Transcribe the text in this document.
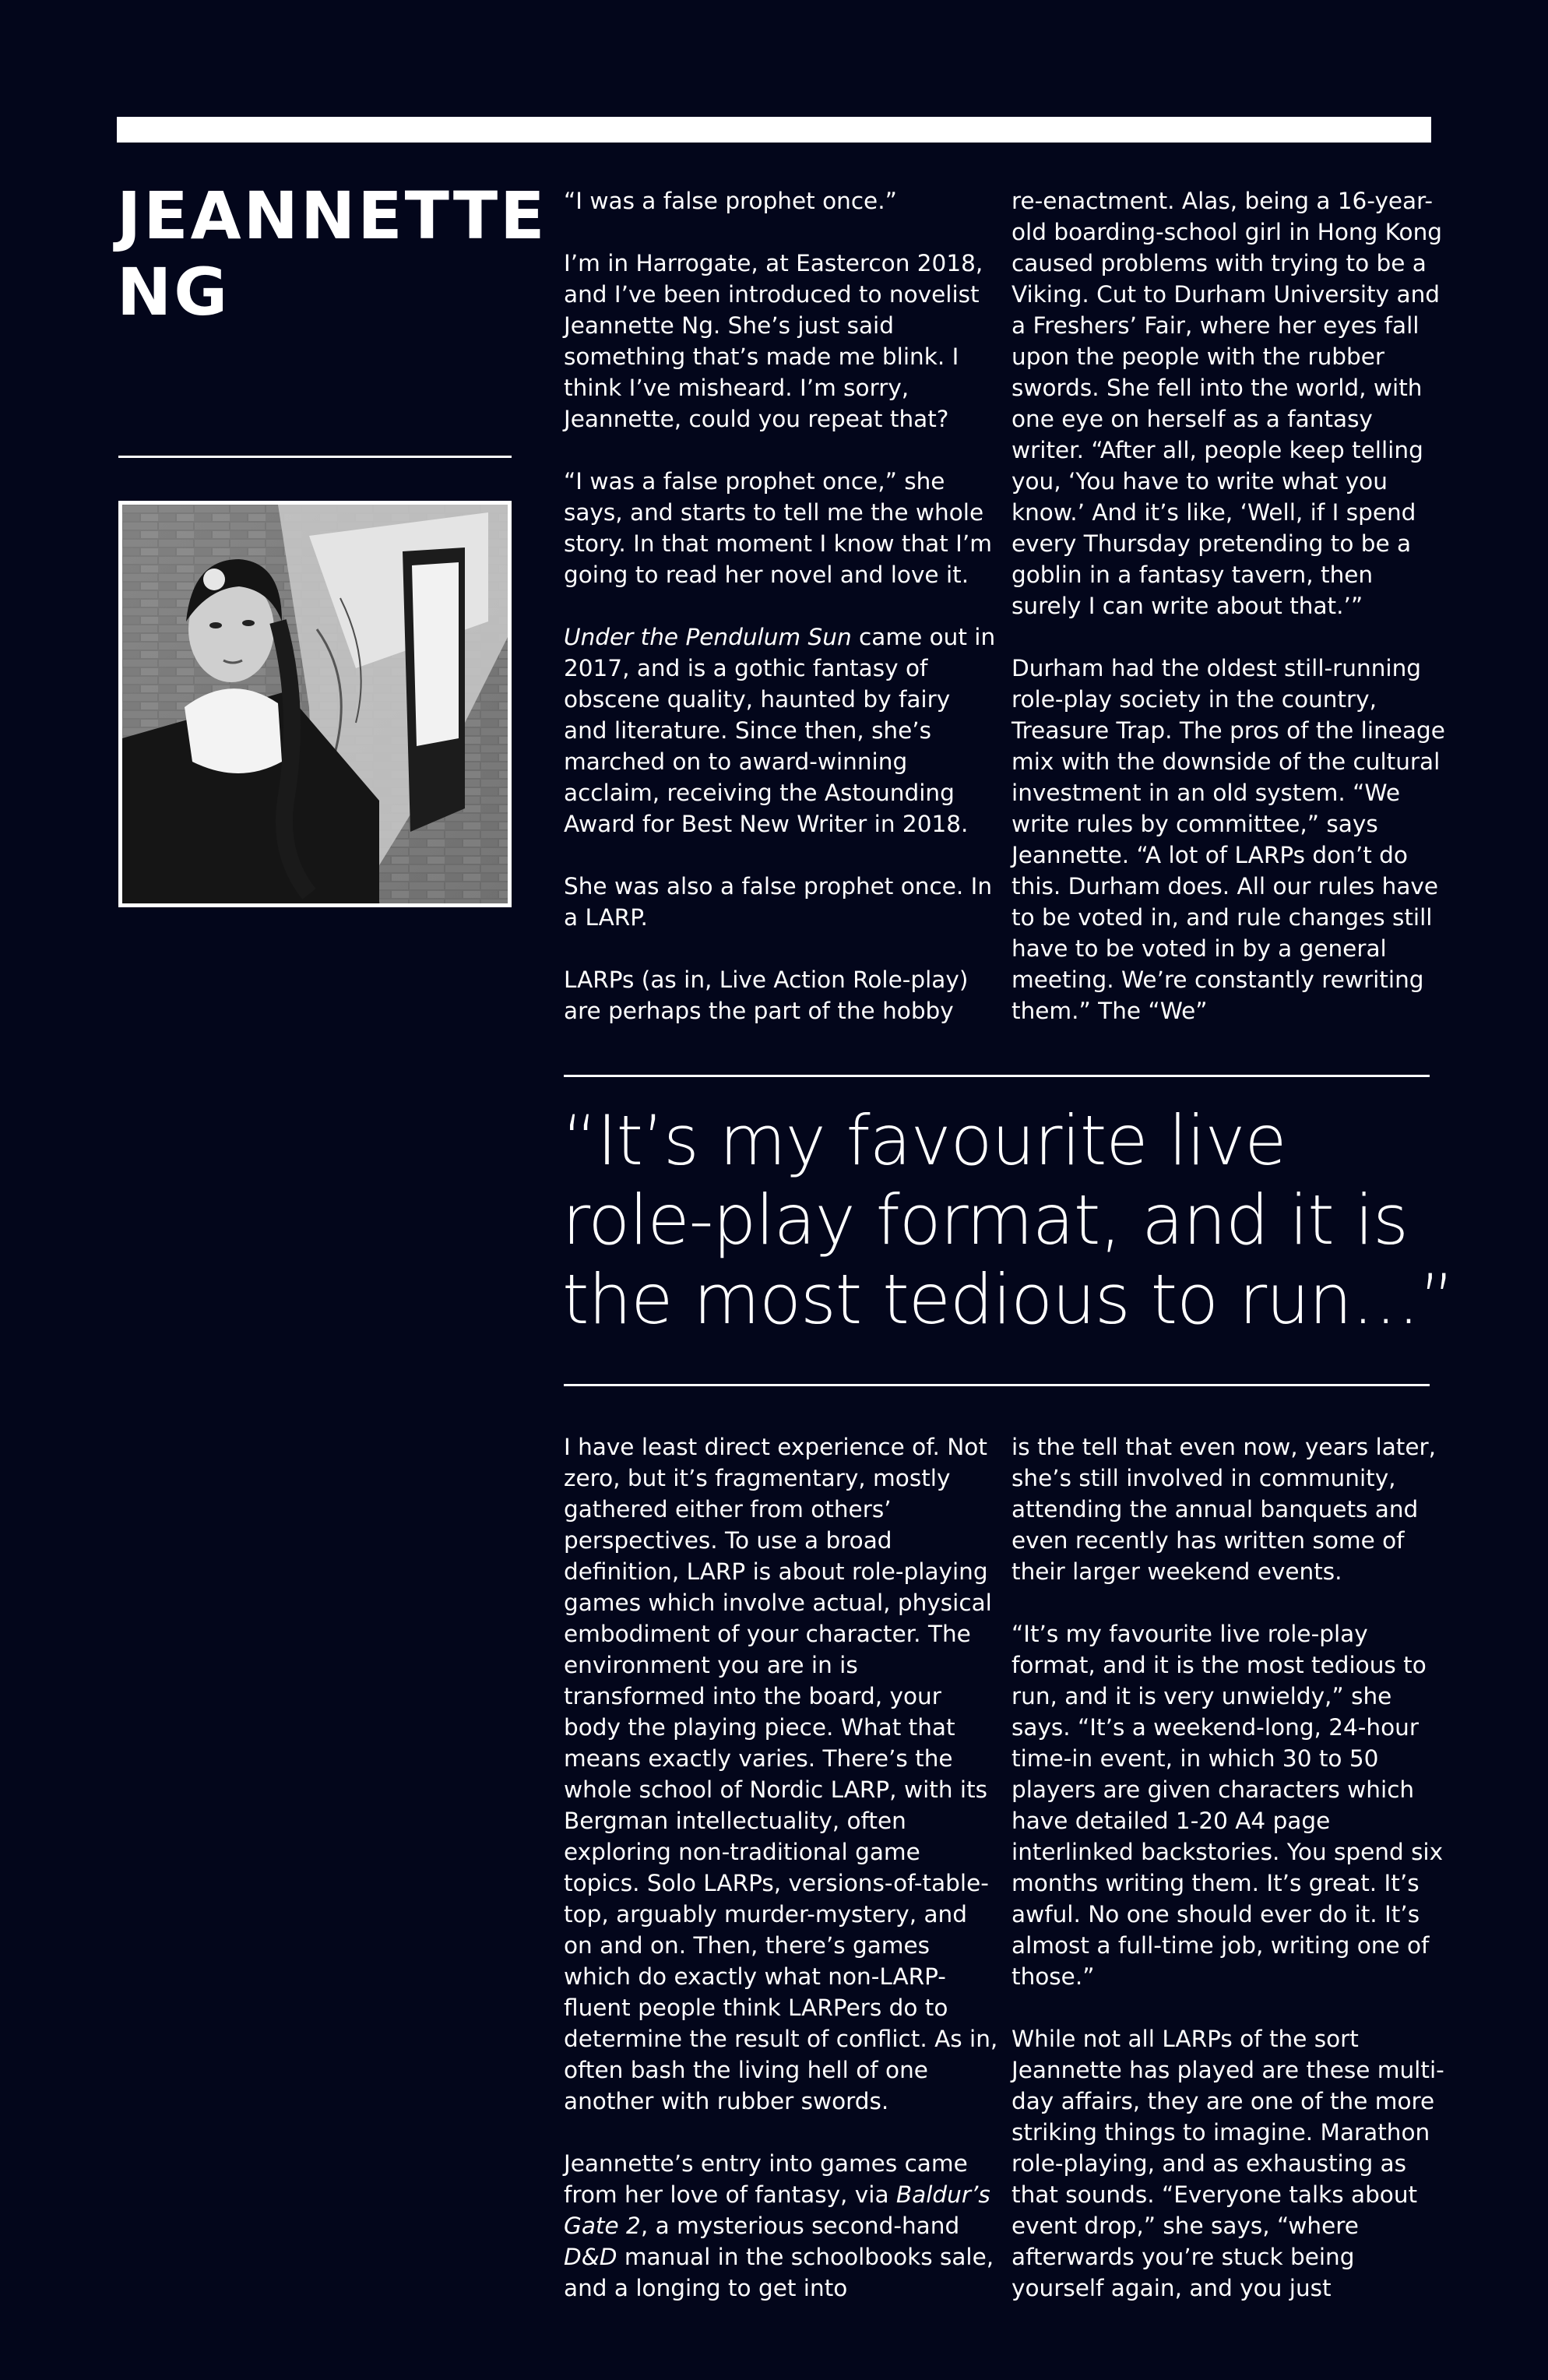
JEANNETTE NG

“I was a false prophet once.”

I’m in Harrogate, at Eastercon 2018, and I’ve been introduced to novelist Jeannette Ng. She’s just said something that’s made me blink. I think I’ve misheard. I’m sorry, Jeannette, could you repeat that?

“I was a false prophet once,” she says, and starts to tell me the whole story. In that moment I know that I’m going to read her novel and love it.

Under the Pendulum Sun came out in 2017, and is a gothic fantasy of obscene quality, haunted by fairy and literature. Since then, she’s marched on to award-winning acclaim, receiving the Astounding Award for Best New Writer in 2018.

She was also a false prophet once. In a LARP.

LARPs (as in, Live Action Role-play) are perhaps the part of the hobby

re-enactment. Alas, being a 16-year-old boarding-school girl in Hong Kong caused problems with trying to be a Viking. Cut to Durham University and a Freshers’ Fair, where her eyes fall upon the people with the rubber swords. She fell into the world, with one eye on herself as a fantasy writer. “After all, people keep telling you, ‘You have to write what you know.’ And it’s like, ‘Well, if I spend every Thursday pretending to be a goblin in a fantasy tavern, then surely I can write about that.’”

Durham had the oldest still-running role-play society in the country, Treasure Trap. The pros of the lineage mix with the downside of the cultural investment in an old system. “We write rules by committee,” says Jeannette. “A lot of LARPs don’t do this. Durham does. All our rules have to be voted in, and rule changes still have to be voted in by a general meeting. We’re constantly rewriting them.” The “We”

“It’s my favourite live
role-play format, and it is
the most tedious to run…”

I have least direct experience of. Not zero, but it’s fragmentary, mostly gathered either from others’ perspectives. To use a broad definition, LARP is about role-playing games which involve actual, physical embodiment of your character. The environment you are in is transformed into the board, your body the playing piece. What that means exactly varies. There’s the whole school of Nordic LARP, with its Bergman intellectuality, often exploring non-traditional game topics. Solo LARPs, versions-of-table-top, arguably murder-mystery, and on and on. Then, there’s games which do exactly what non-LARP-fluent people think LARPers do to determine the result of conflict. As in, often bash the living hell of one another with rubber swords.

Jeannette’s entry into games came from her love of fantasy, via Baldur’s Gate 2, a mysterious second-hand D&D manual in the schoolbooks sale, and a longing to get into

is the tell that even now, years later, she’s still involved in community, attending the annual banquets and even recently has written some of their larger weekend events.

“It’s my favourite live role-play format, and it is the most tedious to run, and it is very unwieldy,” she says. “It’s a weekend-long, 24-hour time-in event, in which 30 to 50 players are given characters which have detailed 1-20 A4 page interlinked backstories. You spend six months writing them. It’s great. It’s awful. No one should ever do it. It’s almost a full-time job, writing one of those.”

While not all LARPs of the sort Jeannette has played are these multi-day affairs, they are one of the more striking things to imagine. Marathon role-playing, and as exhausting as that sounds. “Everyone talks about event drop,” she says, “where afterwards you’re stuck being yourself again, and you just
